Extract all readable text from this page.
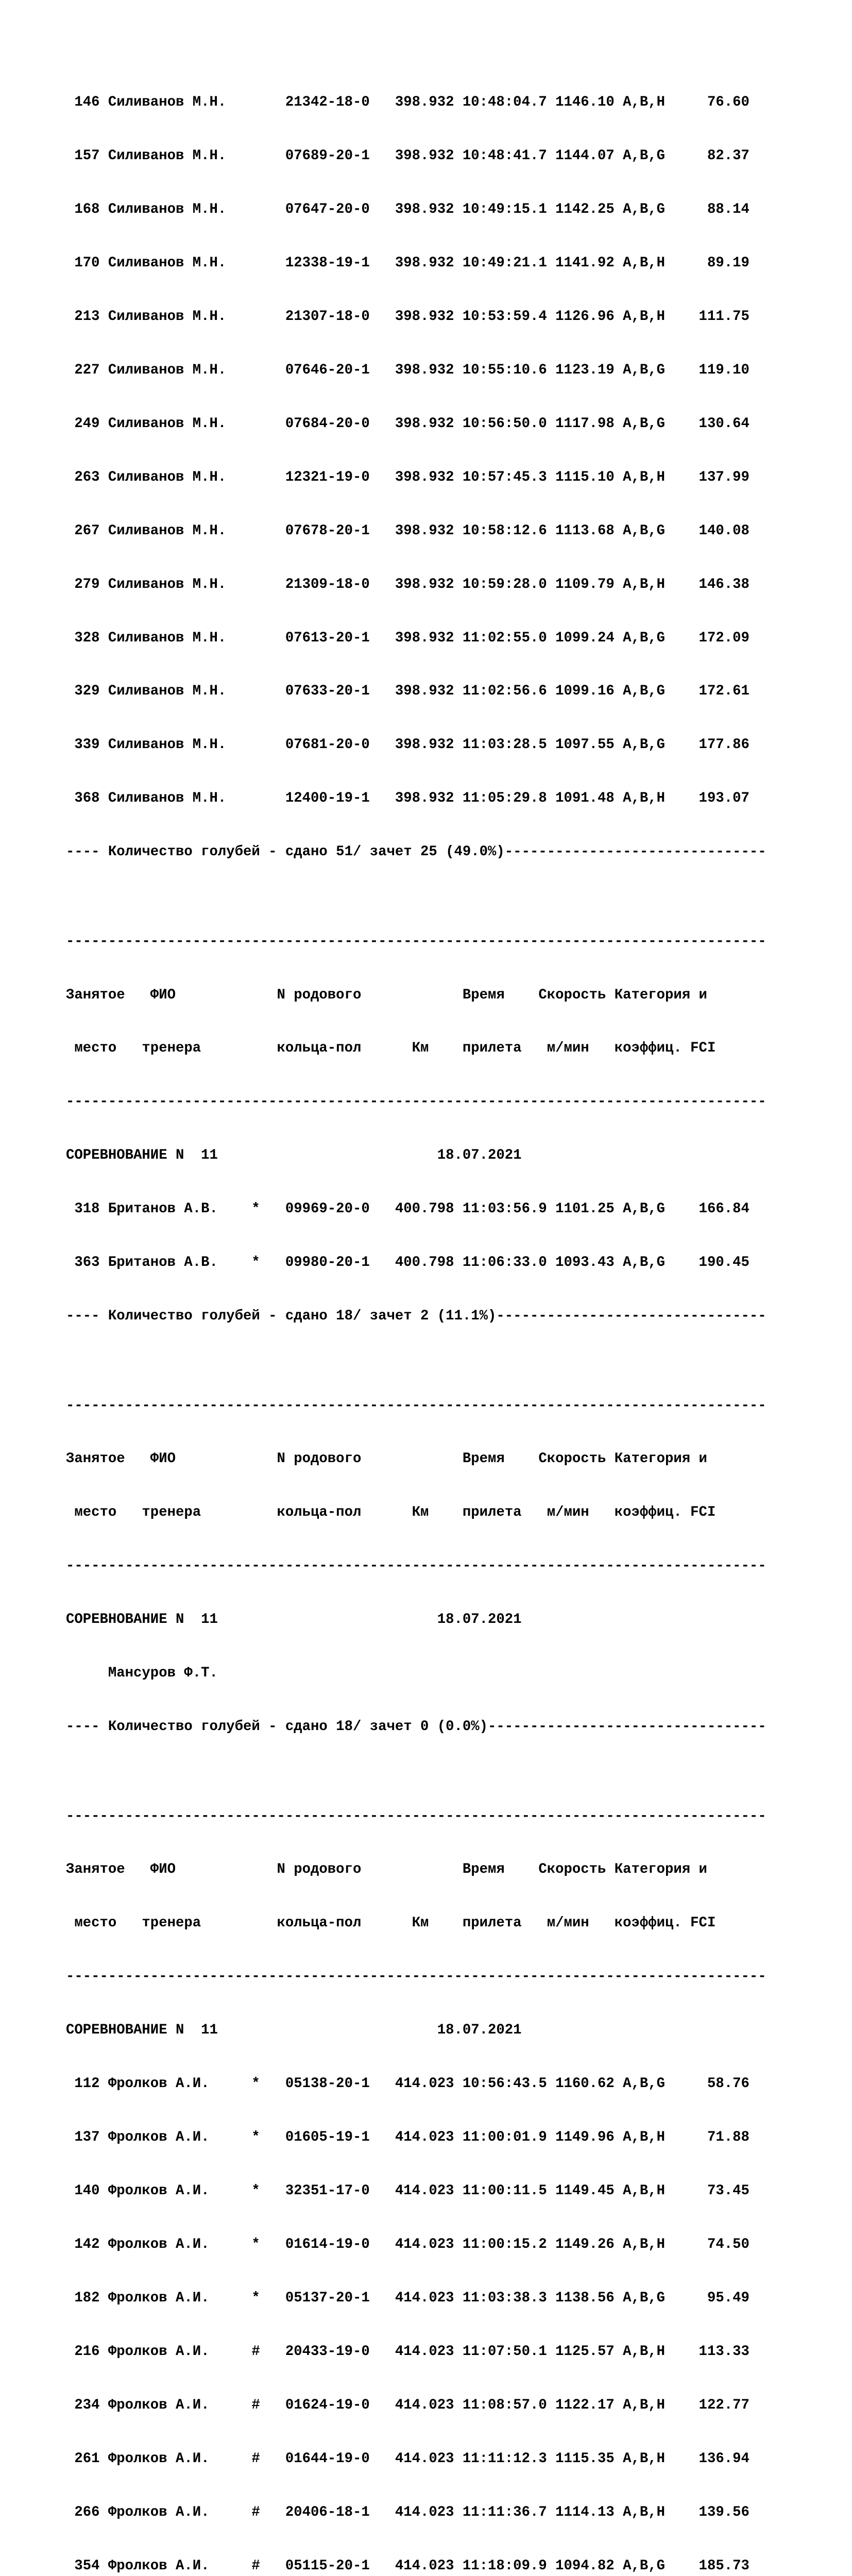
146 Силиванов М.Н.       21342-18-0   398.932 10:48:04.7 1146.10 A,B,H     76.60

157 Силиванов М.Н.       07689-20-1   398.932 10:48:41.7 1144.07 A,B,G     82.37

168 Силиванов М.Н.       07647-20-0   398.932 10:49:15.1 1142.25 A,B,G     88.14

170 Силиванов М.Н.       12338-19-1   398.932 10:49:21.1 1141.92 A,B,H     89.19

213 Силиванов М.Н.       21307-18-0   398.932 10:53:59.4 1126.96 A,B,H    111.75

227 Силиванов М.Н.       07646-20-1   398.932 10:55:10.6 1123.19 A,B,G    119.10

249 Силиванов М.Н.       07684-20-0   398.932 10:56:50.0 1117.98 A,B,G    130.64

263 Силиванов М.Н.       12321-19-0   398.932 10:57:45.3 1115.10 A,B,H    137.99

267 Силиванов М.Н.       07678-20-1   398.932 10:58:12.6 1113.68 A,B,G    140.08

279 Силиванов М.Н.       21309-18-0   398.932 10:59:28.0 1109.79 A,B,H    146.38

328 Силиванов М.Н.       07613-20-1   398.932 11:02:55.0 1099.24 A,B,G    172.09

329 Силиванов М.Н.       07633-20-1   398.932 11:02:56.6 1099.16 A,B,G    172.61

339 Силиванов М.Н.       07681-20-0   398.932 11:03:28.5 1097.55 A,B,G    177.86

368 Силиванов М.Н.       12400-19-1   398.932 11:05:29.8 1091.48 A,B,H    193.07

---- Количество голубей - сдано 51/ зачет 25 (49.0%)-------------------------------

-----------------------------------------------------------------------------------

Занятое   ФИО            N родового            Время    Скорость Категория и

место   тренера         кольца-пол      Км    прилета   м/мин   коэффиц. FCI

-----------------------------------------------------------------------------------

СОРЕВНОВАНИЕ N  11                          18.07.2021

318 Британов А.В.    *   09969-20-0   400.798 11:03:56.9 1101.25 A,B,G    166.84

363 Британов А.В.    *   09980-20-1   400.798 11:06:33.0 1093.43 A,B,G    190.45

---- Количество голубей - сдано 18/ зачет 2 (11.1%)--------------------------------

-----------------------------------------------------------------------------------

Занятое   ФИО            N родового            Время    Скорость Категория и

место   тренера         кольца-пол      Км    прилета   м/мин   коэффиц. FCI

-----------------------------------------------------------------------------------

СОРЕВНОВАНИЕ N  11                          18.07.2021

Мансуров Ф.Т.

---- Количество голубей - сдано 18/ зачет 0 (0.0%)---------------------------------

-----------------------------------------------------------------------------------

Занятое   ФИО            N родового            Время    Скорость Категория и

место   тренера         кольца-пол      Км    прилета   м/мин   коэффиц. FCI

-----------------------------------------------------------------------------------

СОРЕВНОВАНИЕ N  11                          18.07.2021

112 Фролков А.И.     *   05138-20-1   414.023 10:56:43.5 1160.62 A,B,G     58.76

137 Фролков А.И.     *   01605-19-1   414.023 11:00:01.9 1149.96 A,B,H     71.88

140 Фролков А.И.     *   32351-17-0   414.023 11:00:11.5 1149.45 A,B,H     73.45

142 Фролков А.И.     *   01614-19-0   414.023 11:00:15.2 1149.26 A,B,H     74.50

182 Фролков А.И.     *   05137-20-1   414.023 11:03:38.3 1138.56 A,B,G     95.49

216 Фролков А.И.     #   20433-19-0   414.023 11:07:50.1 1125.57 A,B,H    113.33

234 Фролков А.И.     #   01624-19-0   414.023 11:08:57.0 1122.17 A,B,H    122.77

261 Фролков А.И.     #   01644-19-0   414.023 11:11:12.3 1115.35 A,B,H    136.94

266 Фролков А.И.     #   20406-18-1   414.023 11:11:36.7 1114.13 A,B,H    139.56

354 Фролков А.И.     #   05115-20-1   414.023 11:18:09.9 1094.82 A,B,G    185.73
